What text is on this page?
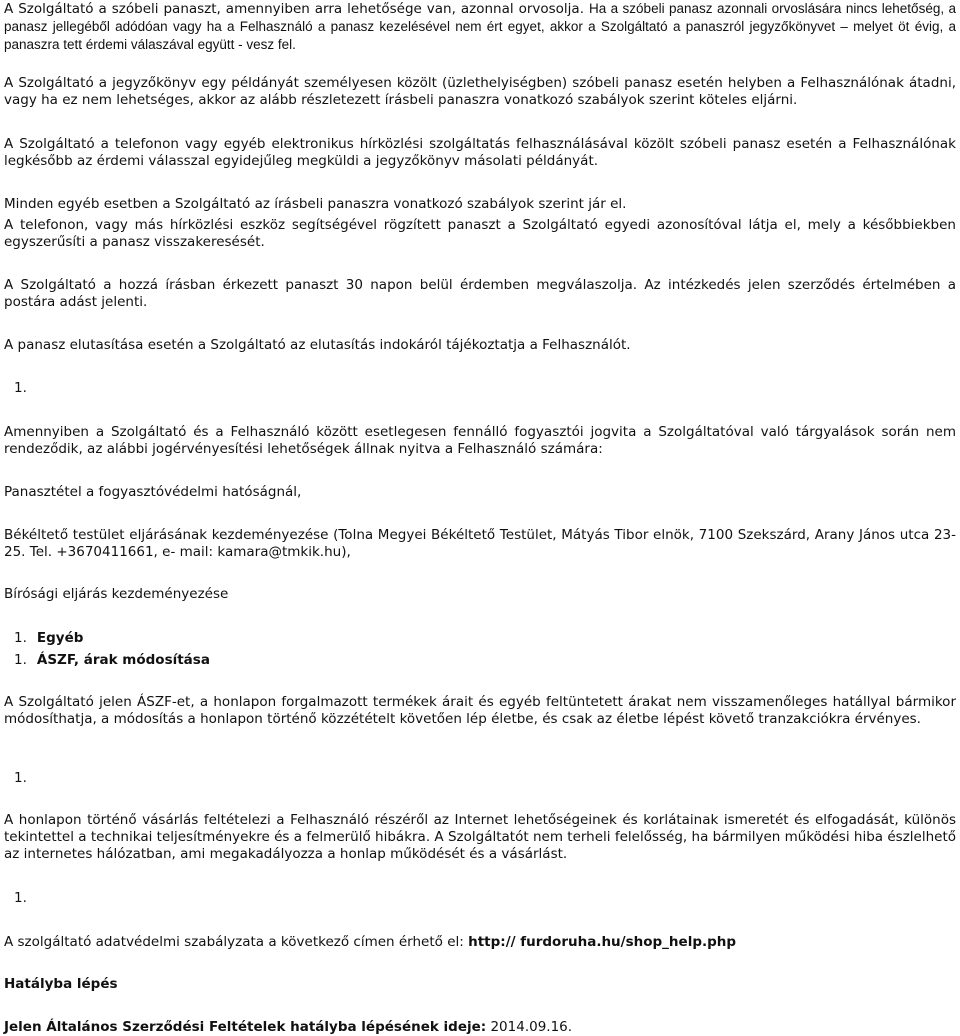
A Szolgáltató a szóbeli panaszt, amennyiben arra lehetősége van, azonnal orvosolja. Ha a szóbeli panasz azonnali orvoslására nincs lehetőség, a panasz jellegéből adódóan vagy ha a Felhasználó a panasz kezelésével nem ért egyet, akkor a Szolgáltató a panaszról jegyzőkönyvet – melyet öt évig, a panaszra tett érdemi válaszával együtt - vesz fel.

A Szolgáltató a jegyzőkönyv egy példányát személyesen közölt (üzlethelyiségben) szóbeli panasz esetén helyben a Felhasználónak átadni, vagy ha ez nem lehetséges, akkor az alább részletezett írásbeli panaszra vonatkozó szabályok szerint köteles eljárni.

A Szolgáltató a telefonon vagy egyéb elektronikus hírközlési szolgáltatás felhasználásával közölt szóbeli panasz esetén a Felhasználónak legkésőbb az érdemi válasszal egyidejűleg megküldi a jegyzőkönyv másolati példányát.

Minden egyéb esetben a Szolgáltató az írásbeli panaszra vonatkozó szabályok szerint jár el.

A telefonon, vagy más hírközlési eszköz segítségével rögzített panaszt a Szolgáltató egyedi azonosítóval látja el, mely a későbbiekben egyszerűsíti a panasz visszakeresését.

A Szolgáltató a hozzá írásban érkezett panaszt 30 napon belül érdemben megválaszolja. Az intézkedés jelen szerződés értelmében a postára adást jelenti.

A panasz elutasítása esetén a Szolgáltató az elutasítás indokáról tájékoztatja a Felhasználót.

1.

Amennyiben a Szolgáltató és a Felhasználó között esetlegesen fennálló fogyasztói jogvita a Szolgáltatóval való tárgyalások során nem rendeződik, az alábbi jogérvényesítési lehetőségek állnak nyitva a Felhasználó számára:

Panasztétel a fogyasztóvédelmi hatóságnál,

Békéltető testület eljárásának kezdeményezése (Tolna Megyei Békéltető Testület, Mátyás Tibor elnök, 7100 Szekszárd, Arany János utca 23-25. Tel. +3670411661, e- mail: kamara@tmkik.hu),

Bírósági eljárás kezdeményezése

1. Egyéb

1. ÁSZF, árak módosítása

A Szolgáltató jelen ÁSZF-et, a honlapon forgalmazott termékek árait és egyéb feltüntetett árakat nem visszamenőleges hatállyal bármikor módosíthatja, a módosítás a honlapon történő közzétételt követően lép életbe, és csak az életbe lépést követő tranzakciókra érvényes.

1.

A honlapon történő vásárlás feltételezi a Felhasználó részéről az Internet lehetőségeinek és korlátainak ismeretét és elfogadását, különös tekintettel a technikai teljesítményekre és a felmerülő hibákra. A Szolgáltatót nem terheli felelősség, ha bármilyen működési hiba észlelhető az internetes hálózatban, ami megakadályozza a honlap működését és a vásárlást.

1.

A szolgáltató adatvédelmi szabályzata a következő címen érhető el: http:// furdoruha.hu/shop_help.php

Hatályba lépés

Jelen Általános Szerződési Feltételek hatályba lépésének ideje: 2014.09.16.
